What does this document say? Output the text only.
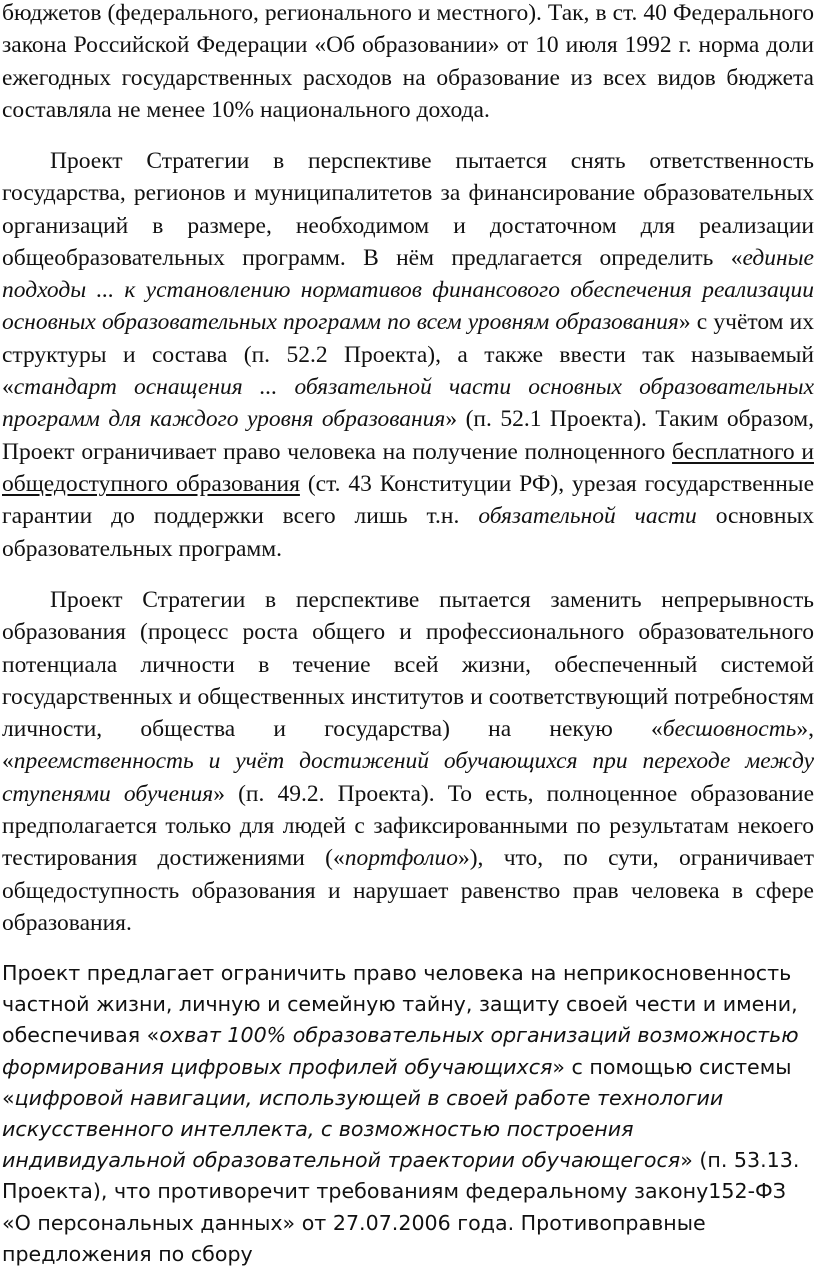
бюджетов (федерального, регионального и местного). Так, в ст. 40 Федерального закона Российской Федерации «Об образовании» от 10 июля 1992 г. норма доли ежегодных государственных расходов на образование из всех видов бюджета составляла не менее 10% национального дохода.

Проект Стратегии в перспективе пытается снять ответственность государства, регионов и муниципалитетов за финансирование образовательных организаций в размере, необходимом и достаточном для реализации общеобразовательных программ. В нём предлагается определить «единые подходы ... к установлению нормативов финансового обеспечения реализации основных образовательных программ по всем уровням образования» с учётом их структуры и состава (п. 52.2 Проекта), а также ввести так называемый «стандарт оснащения ... обязательной части основных образовательных программ для каждого уровня образования» (п. 52.1 Проекта). Таким образом, Проект ограничивает право человека на получение полноценного бесплатного и общедоступного образования (ст. 43 Конституции РФ), урезая государственные гарантии до поддержки всего лишь т.н. обязательной части основных образовательных программ.

Проект Стратегии в перспективе пытается заменить непрерывность образования (процесс роста общего и профессионального образовательного потенциала личности в течение всей жизни, обеспеченный системой государственных и общественных институтов и соответствующий потребностям личности, общества и государства) на некую «бесшовность», «преемственность и учёт достижений обучающихся при переходе между ступенями обучения» (п. 49.2. Проекта). То есть, полноценное образование предполагается только для людей с зафиксированными по результатам некоего тестирования достижениями («портфолио»), что, по сути, ограничивает общедоступность образования и нарушает равенство прав человека в сфере образования.

Проект предлагает ограничить право человека на неприкосновенность частной жизни, личную и семейную тайну, защиту своей чести и имени, обеспечивая «охват 100% образовательных организаций возможностью формирования цифровых профилей обучающихся» с помощью системы «цифровой навигации, использующей в своей работе технологии искусственного интеллекта, с возможностью построения индивидуальной образовательной траектории обучающегося» (п. 53.13. Проекта), что противоречит требованиям федеральному закону152-ФЗ «О персональных данных» от 27.07.2006 года. Противоправные предложения по сбору
